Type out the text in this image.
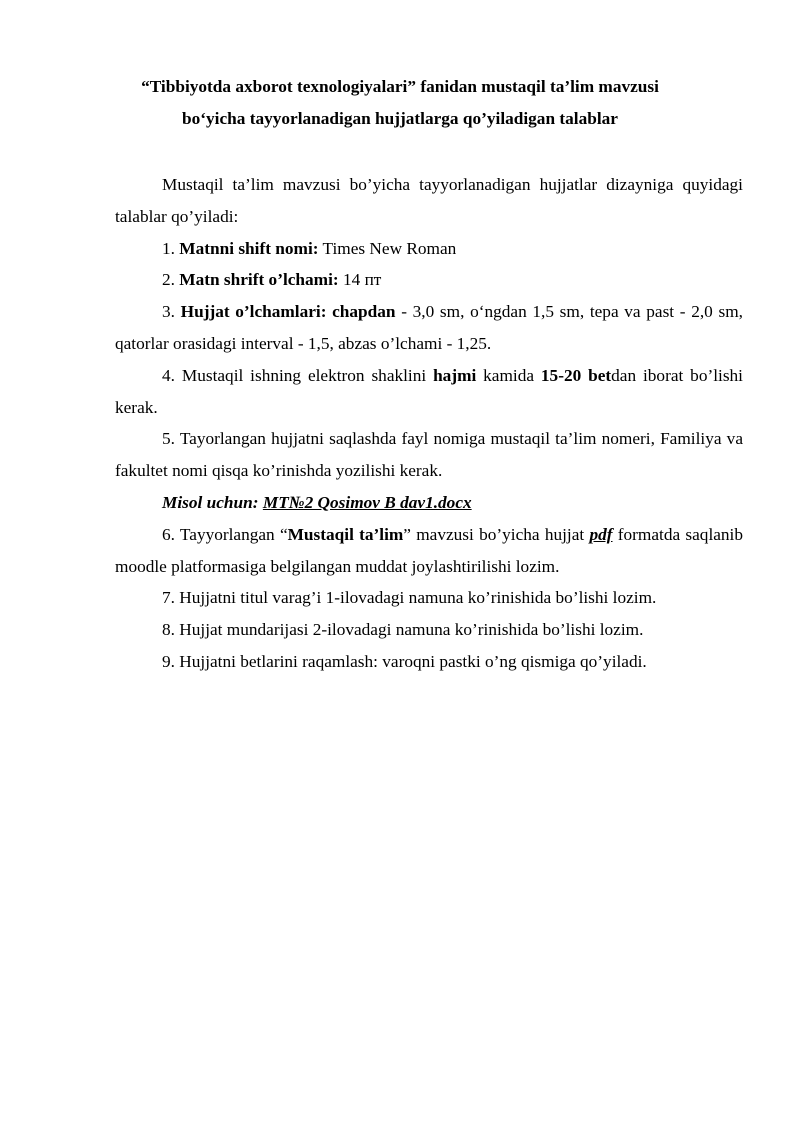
“Tibbiyotda axborot texnologiyalari” fanidan mustaqil ta’lim mavzusi

bo‘yicha tayyorlanadigan hujjatlarga qo’yiladigan talablar

Mustaqil ta’lim mavzusi bo’yicha tayyorlanadigan hujjatlar dizayniga quyidagi talablar qo’yiladi:

1. Matnni shift nomi: Times New Roman

2. Matn shrift o’lchami: 14 пт

3. Hujjat o’lchamlari: chapdan - 3,0 sm, o‘ngdan 1,5 sm, tepa va past - 2,0 sm, qatorlar orasidagi interval - 1,5, abzas o’lchami - 1,25.

4. Mustaqil ishning elektron shaklini hajmi kamida 15-20 betdan iborat bo’lishi kerak.

5. Tayorlangan hujjatni saqlashda fayl nomiga mustaqil ta’lim nomeri, Familiya va fakultet nomi qisqa ko’rinishda yozilishi kerak.

Misol uchun: MT№2 Qosimov B dav1.docx

6. Tayyorlangan “Mustaqil ta’lim” mavzusi bo’yicha hujjat pdf formatda saqlanib moodle platformasiga belgilangan muddat joylashtirilishi lozim.

7. Hujjatni titul varag’i 1-ilovadagi namuna ko’rinishida bo’lishi lozim.

8. Hujjat mundarijasi 2-ilovadagi namuna ko’rinishida bo’lishi lozim.

9. Hujjatni betlarini raqamlash: varoqni pastki o’ng qismiga qo’yiladi.
